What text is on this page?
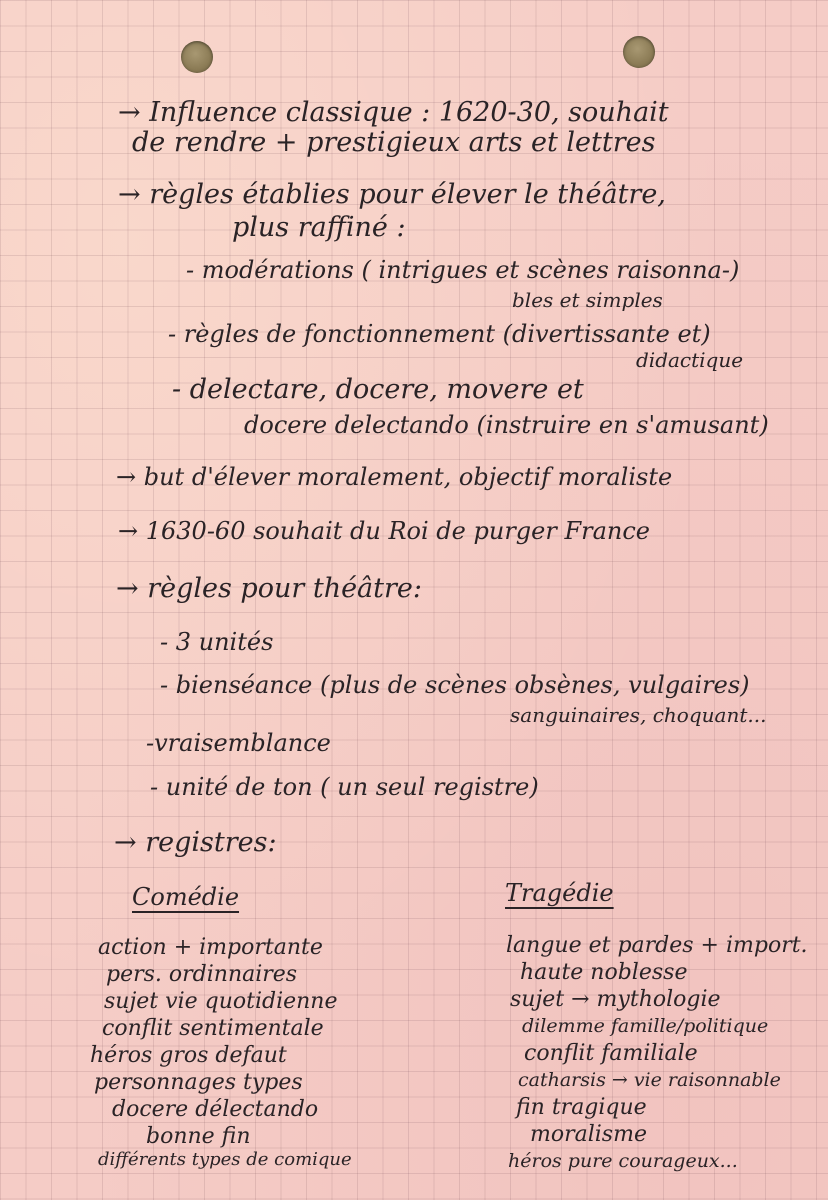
→ Influence classique : 1620-30, souhait
de rendre + prestigieux arts et lettres
→ règles établies pour élever le théâtre,
plus raffiné :
- modérations ( intrigues et scènes raisonna-)
bles et simples
- règles de fonctionnement (divertissante et)
didactique
- delectare, docere, movere et
docere delectando (instruire en s'amusant)
→ but d'élever moralement, objectif moraliste
→ 1630-60 souhait du Roi de purger France
→ règles pour théâtre:
- 3 unités
- bienséance (plus de scènes obsènes, vulgaires)
sanguinaires, choquant...
-vraisemblance
- unité de ton ( un seul registre)
→ registres:
Comédie	Tragédie
action + importante
pers. ordinnaires
sujet vie quotidienne
conflit sentimentale
héros gros defaut
personnages types
docere délectando
bonne fin
différents types de comique
langue et pardes + import.
haute noblesse
sujet → mythologie
dilemme famille/politique
conflit familiale
catharsis → vie raisonnable
fin tragique
moralisme
héros pure courageux...
